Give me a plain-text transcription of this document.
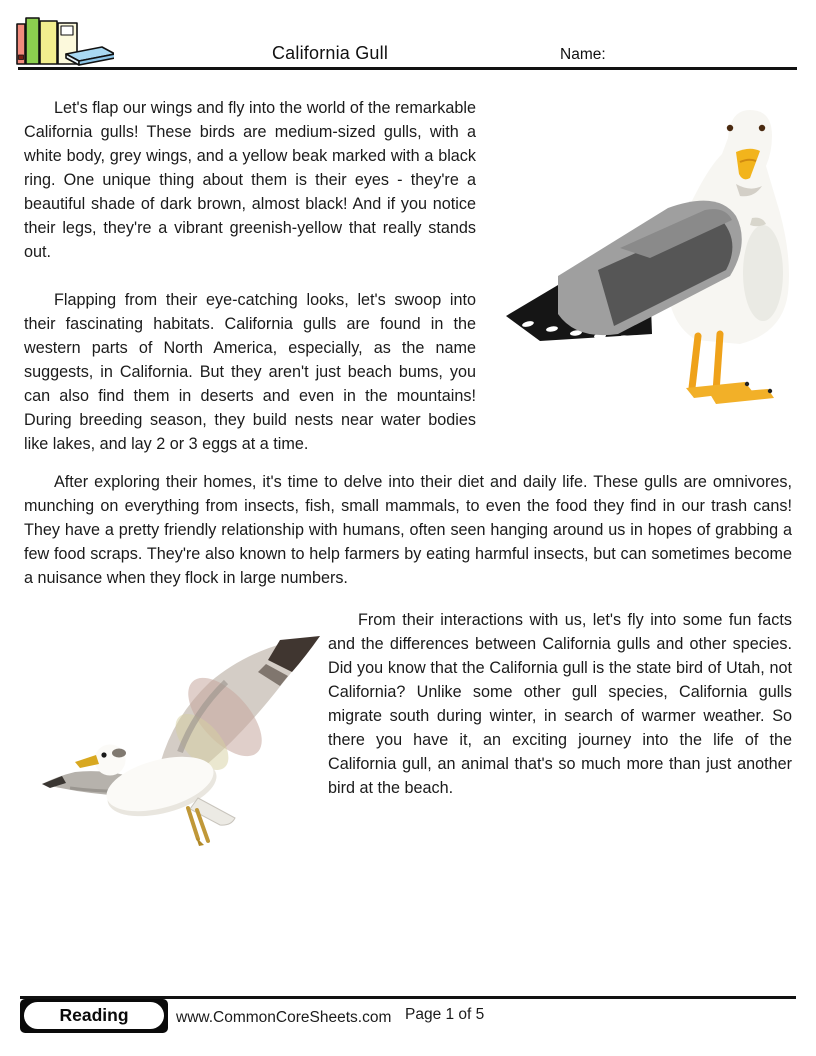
California Gull	Name:

Let's flap our wings and fly into the world of the remarkable California gulls! These birds are medium-sized gulls, with a white body, grey wings, and a yellow beak marked with a black ring. One unique thing about them is their eyes - they're a beautiful shade of dark brown, almost black! And if you notice their legs, they're a vibrant greenish-yellow that really stands out.

Flapping from their eye-catching looks, let's swoop into their fascinating habitats. California gulls are found in the western parts of North America, especially, as the name suggests, in California. But they aren't just beach bums, you can also find them in deserts and even in the mountains! During breeding season, they build nests near water bodies like lakes, and lay 2 or 3 eggs at a time.

After exploring their homes, it's time to delve into their diet and daily life. These gulls are omnivores, munching on everything from insects, fish, small mammals, to even the food they find in our trash cans! They have a pretty friendly relationship with humans, often seen hanging around us in hopes of grabbing a few food scraps. They're also known to help farmers by eating harmful insects, but can sometimes become a nuisance when they flock in large numbers.

From their interactions with us, let's fly into some fun facts and the differences between California gulls and other species. Did you know that the California gull is the state bird of Utah, not California? Unlike some other gull species, California gulls migrate south during winter, in search of warmer weather. So there you have it, an exciting journey into the life of the California gull, an animal that's so much more than just another bird at the beach.

Reading	www.CommonCoreSheets.com Page 1 of 5
